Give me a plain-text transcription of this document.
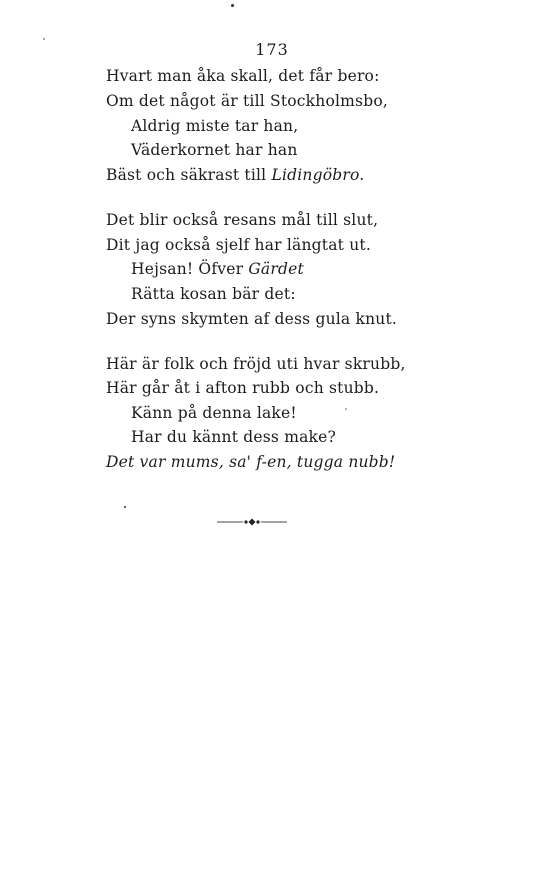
173
Hvart man åka skall, det får bero:
Om det något är till Stockholmsbo,
Aldrig miste tar han,
Väderkornet har han
Bäst och säkrast till Lidingöbro.
Det blir också resans mål till slut,
Dit jag också sjelf har längtat ut.
Hejsan! Öfver Gärdet
Rätta kosan bär det:
Der syns skymten af dess gula knut.
Här är folk och fröjd uti hvar skrubb,
Här går åt i afton rubb och stubb.
Känn på denna lake!
Har du kännt dess make?
Det var mums, sa' f-en, tugga nubb!
